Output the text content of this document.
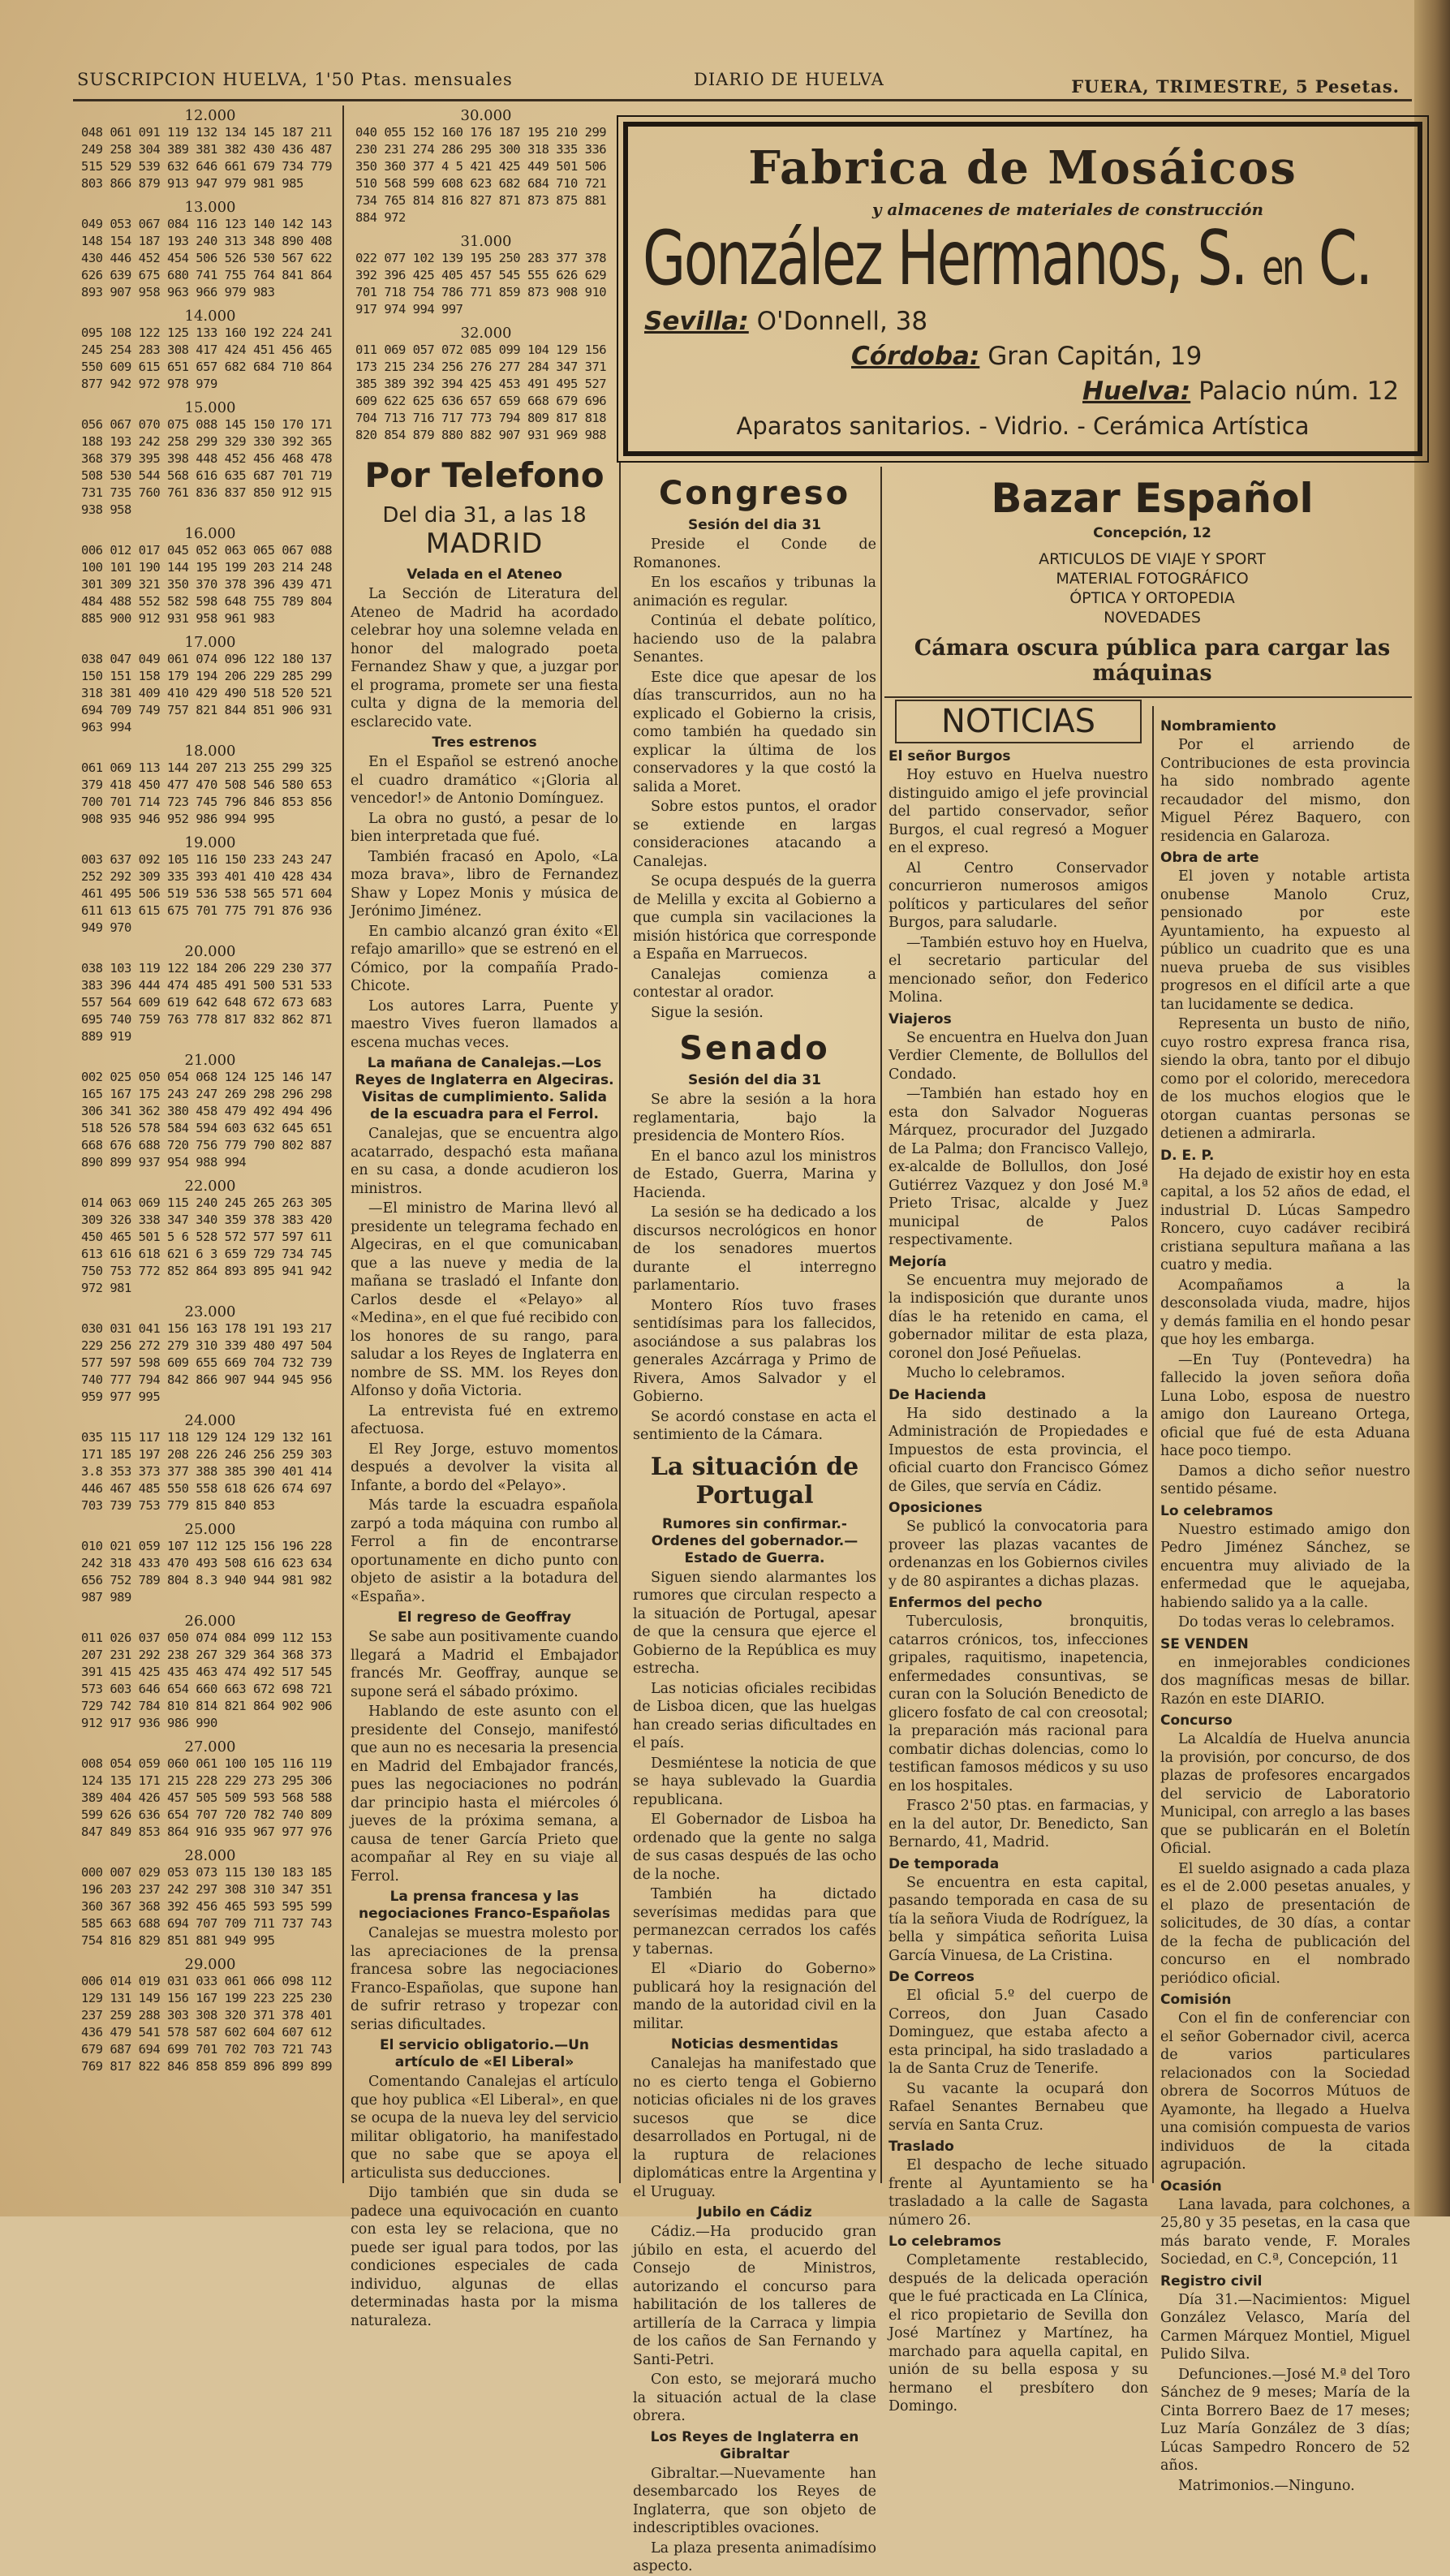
SUSCRIPCION HUELVA, 1'50 Ptas. mensuales	DIARIO DE HUELVA	FUERA, TRIMESTRE, 5 Pesetas.
12.000
048 061 091 119 132 134 145 187 211
249 258 304 389 381 382 430 436 487
515 529 539 632 646 661 679 734 779
803 866 879 913 947 979 981 985
13.000
049 053 067 084 116 123 140 142 143
148 154 187 193 240 313 348 890 408
430 446 452 454 506 526 530 567 622
626 639 675 680 741 755 764 841 864
893 907 958 963 966 979 983
14.000
095 108 122 125 133 160 192 224 241
245 254 283 308 417 424 451 456 465
550 609 615 651 657 682 684 710 864
877 942 972 978 979
15.000
056 067 070 075 088 145 150 170 171
188 193 242 258 299 329 330 392 365
368 379 395 398 448 452 456 468 478
508 530 544 568 616 635 687 701 719
731 735 760 761 836 837 850 912 915
938 958
16.000
006 012 017 045 052 063 065 067 088
100 101 190 144 195 199 203 214 248
301 309 321 350 370 378 396 439 471
484 488 552 582 598 648 755 789 804
885 900 912 931 958 961 983
17.000
038 047 049 061 074 096 122 180 137
150 151 158 179 194 206 229 285 299
318 381 409 410 429 490 518 520 521
694 709 749 757 821 844 851 906 931
963 994
18.000
061 069 113 144 207 213 255 299 325
379 418 450 477 470 508 546 580 653
700 701 714 723 745 796 846 853 856
908 935 946 952 986 994 995
19.000
003 637 092 105 116 150 233 243 247
252 292 309 335 393 401 410 428 434
461 495 506 519 536 538 565 571 604
611 613 615 675 701 775 791 876 936
949 970
20.000
038 103 119 122 184 206 229 230 377
383 396 444 474 485 491 500 531 533
557 564 609 619 642 648 672 673 683
695 740 759 763 778 817 832 862 871
889 919
21.000
002 025 050 054 068 124 125 146 147
165 167 175 243 247 269 298 296 298
306 341 362 380 458 479 492 494 496
518 526 578 584 594 603 632 645 651
668 676 688 720 756 779 790 802 887
890 899 937 954 988 994
22.000
014 063 069 115 240 245 265 263 305
309 326 338 347 340 359 378 383 420
450 465 501 5 6 528 572 577 597 611
613 616 618 621 6 3 659 729 734 745
750 753 772 852 864 893 895 941 942
972 981
23.000
030 031 041 156 163 178 191 193 217
229 256 272 279 310 339 480 497 504
577 597 598 609 655 669 704 732 739
740 777 794 842 866 907 944 945 956
959 977 995
24.000
035 115 117 118 129 124 129 132 161
171 185 197 208 226 246 256 259 303
3.8 353 373 377 388 385 390 401 414
446 467 485 550 558 618 626 674 697
703 739 753 779 815 840 853
25.000
010 021 059 107 112 125 156 196 228
242 318 433 470 493 508 616 623 634
656 752 789 804 8.3 940 944 981 982
987 989
26.000
011 026 037 050 074 084 099 112 153
207 231 292 238 267 329 364 368 373
391 415 425 435 463 474 492 517 545
573 603 646 654 660 663 672 698 721
729 742 784 810 814 821 864 902 906
912 917 936 986 990
27.000
008 054 059 060 061 100 105 116 119
124 135 171 215 228 229 273 295 306
389 404 426 457 505 509 593 568 588
599 626 636 654 707 720 782 740 809
847 849 853 864 916 935 967 977 976
28.000
000 007 029 053 073 115 130 183 185
196 203 237 242 297 308 310 347 351
360 367 368 392 456 465 593 595 599
585 663 688 694 707 709 711 737 743
754 816 829 851 881 949 995
29.000
006 014 019 031 033 061 066 098 112
129 131 149 156 167 199 223 225 230
237 259 288 303 308 320 371 378 401
436 479 541 578 587 602 604 607 612
679 687 694 699 701 702 703 721 743
769 817 822 846 858 859 896 899 899
30.000
040 055 152 160 176 187 195 210 299
230 231 274 286 295 300 318 335 336
350 360 377 4 5 421 425 449 501 506
510 568 599 608 623 682 684 710 721
734 765 814 816 827 871 873 875 881
884 972
31.000
022 077 102 139 195 250 283 377 378
392 396 425 405 457 545 555 626 629
701 718 754 786 771 859 873 908 910
917 974 994 997
32.000
011 069 057 072 085 099 104 129 156
173 215 234 256 276 277 284 347 371
385 389 392 394 425 453 491 495 527
609 622 625 636 657 659 668 679 696
704 713 716 717 773 794 809 817 818
820 854 879 880 882 907 931 969 988
Por Telefono
Del dia 31, a las 18
MADRID
Velada en el Ateneo
La Sección de Literatura del Ateneo de Madrid ha acordado celebrar hoy una solemne velada en honor del malogrado poeta Fernandez Shaw y que, a juzgar por el programa, promete ser una fiesta culta y digna de la memoria del esclarecido vate.
Tres estrenos
En el Español se estrenó anoche el cuadro dramático «¡Gloria al vencedor!» de Antonio Domínguez.
La obra no gustó, a pesar de lo bien interpretada que fué.
También fracasó en Apolo, «La moza brava», libro de Fernandez Shaw y Lopez Monis y música de Jerónimo Jiménez.
En cambio alcanzó gran éxito «El refajo amarillo» que se estrenó en el Cómico, por la compañía Prado-Chicote.
Los autores Larra, Puente y maestro Vives fueron llamados a escena muchas veces.
La mañana de Canalejas.—Los Reyes de Inglaterra en Algeciras. Visitas de cumplimiento. Salida de la escuadra para el Ferrol.
Canalejas, que se encuentra algo acatarrado, despachó esta mañana en su casa, a donde acudieron los ministros.
—El ministro de Marina llevó al presidente un telegrama fechado en Algeciras, en el que comunicaban que a las nueve y media de la mañana se trasladó el Infante don Carlos desde el «Pelayo» al «Medina», en el que fué recibido con los honores de su rango, para saludar a los Reyes de Inglaterra en nombre de SS. MM. los Reyes don Alfonso y doña Victoria.
La entrevista fué en extremo afectuosa.
El Rey Jorge, estuvo momentos después a devolver la visita al Infante, a bordo del «Pelayo».
Más tarde la escuadra española zarpó a toda máquina con rumbo al Ferrol a fin de encontrarse oportunamente en dicho punto con objeto de asistir a la botadura del «España».
El regreso de Geoffray
Se sabe aun positivamente cuando llegará a Madrid el Embajador francés Mr. Geoffray, aunque se supone será el sábado próximo.
Hablando de este asunto con el presidente del Consejo, manifestó que aun no es necesaria la presencia en Madrid del Embajador francés, pues las negociaciones no podrán dar principio hasta el miércoles ó jueves de la próxima semana, a causa de tener García Prieto que acompañar al Rey en su viaje al Ferrol.
La prensa francesa y las negociaciones Franco-Españolas
Canalejas se muestra molesto por las apreciaciones de la prensa francesa sobre las negociaciones Franco-Españolas, que supone han de sufrir retraso y tropezar con serias dificultades.
El servicio obligatorio.—Un artículo de «El Liberal»
Comentando Canalejas el artículo que hoy publica «El Liberal», en que se ocupa de la nueva ley del servicio militar obligatorio, ha manifestado que no sabe que se apoya el articulista sus deducciones.
Dijo también que sin duda se padece una equivocación en cuanto con esta ley se relaciona, que no puede ser igual para todos, por las condiciones especiales de cada individuo, algunas de ellas determinadas hasta por la misma naturaleza.
Fabrica de Mosáicos
y almacenes de materiales de construcción
González Hermanos, S. en C.
Sevilla: O'Donnell, 38
Córdoba: Gran Capitán, 19
Huelva: Palacio núm. 12
Aparatos sanitarios. - Vidrio. - Cerámica Artística
Congreso
Sesión del dia 31
Preside el Conde de Romanones.
En los escaños y tribunas la animación es regular.
Continúa el debate político, haciendo uso de la palabra Senantes.
Este dice que apesar de los días transcurridos, aun no ha explicado el Gobierno la crisis, como también ha quedado sin explicar la última de los conservadores y la que costó la salida a Moret.
Sobre estos puntos, el orador se extiende en largas consideraciones atacando a Canalejas.
Se ocupa después de la guerra de Melilla y excita al Gobierno a que cumpla sin vacilaciones la misión histórica que corresponde a España en Marruecos.
Canalejas comienza a contestar al orador.
Sigue la sesión.
Senado
Sesión del dia 31
Se abre la sesión a la hora reglamentaria, bajo la presidencia de Montero Ríos.
En el banco azul los ministros de Estado, Guerra, Marina y Hacienda.
La sesión se ha dedicado a los discursos necrológicos en honor de los senadores muertos durante el interregno parlamentario.
Montero Ríos tuvo frases sentidísimas para los fallecidos, asociándose a sus palabras los generales Azcárraga y Primo de Rivera, Amos Salvador y el Gobierno.
Se acordó constase en acta el sentimiento de la Cámara.
La situación de Portugal
Rumores sin confirmar.-Ordenes del gobernador.— Estado de Guerra.
Siguen siendo alarmantes los rumores que circulan respecto a la situación de Portugal, apesar de que la censura que ejerce el Gobierno de la República es muy estrecha.
Las noticias oficiales recibidas de Lisboa dicen, que las huelgas han creado serias dificultades en el país.
Desmiéntese la noticia de que se haya sublevado la Guardia republicana.
El Gobernador de Lisboa ha ordenado que la gente no salga de sus casas después de las ocho de la noche.
También ha dictado severísimas medidas para que permanezcan cerrados los cafés y tabernas.
El «Diario do Goberno» publicará hoy la resignación del mando de la autoridad civil en la militar.
Noticias desmentidas
Canalejas ha manifestado que no es cierto tenga el Gobierno noticias oficiales ni de los graves sucesos que se dice desarrollados en Portugal, ni de la ruptura de relaciones diplomáticas entre la Argentina y el Uruguay.
Jubilo en Cádiz
Cádiz.—Ha producido gran júbilo en esta, el acuerdo del Consejo de Ministros, autorizando el concurso para habilitación de los talleres de artillería de la Carraca y limpia de los caños de San Fernando y Santi-Petri.
Con esto, se mejorará mucho la situación actual de la clase obrera.
Los Reyes de Inglaterra en Gibraltar
Gibraltar.—Nuevamente han desembarcado los Reyes de Inglaterra, que son objeto de indescriptibles ovaciones.
La plaza presenta animadísimo aspecto.
Bazar Español
Concepción, 12
ARTICULOS DE VIAJE Y SPORT
MATERIAL FOTOGRÁFICO
ÓPTICA Y ORTOPEDIA
NOVEDADES
Cámara oscura pública para cargar las máquinas
NOTICIAS
El señor Burgos
Hoy estuvo en Huelva nuestro distinguido amigo el jefe provincial del partido conservador, señor Burgos, el cual regresó a Moguer en el expreso.
Al Centro Conservador concurrieron numerosos amigos políticos y particulares del señor Burgos, para saludarle.
—También estuvo hoy en Huelva, el secretario particular del mencionado señor, don Federico Molina.
Viajeros
Se encuentra en Huelva don Juan Verdier Clemente, de Bollullos del Condado.
—También han estado hoy en esta don Salvador Nogueras Márquez, procurador del Juzgado de La Palma; don Francisco Vallejo, ex-alcalde de Bollullos, don José Gutiérrez Vazquez y don José M.ª Prieto Trisac, alcalde y Juez municipal de Palos respectivamente.
Mejoría
Se encuentra muy mejorado de la indisposición que durante unos días le ha retenido en cama, el gobernador militar de esta plaza, coronel don José Peñuelas.
Mucho lo celebramos.
De Hacienda
Ha sido destinado a la Administración de Propiedades e Impuestos de esta provincia, el oficial cuarto don Francisco Gómez de Giles, que servía en Cádiz.
Oposiciones
Se publicó la convocatoria para proveer las plazas vacantes de ordenanzas en los Gobiernos civiles y de 80 aspirantes a dichas plazas.
Enfermos del pecho
Tuberculosis, bronquitis, catarros crónicos, tos, infecciones gripales, raquitismo, inapetencia, enfermedades consuntivas, se curan con la Solución Benedicto de glicero fosfato de cal con creosotal; la preparación más racional para combatir dichas dolencias, como lo testifican famosos médicos y su uso en los hospitales.
Frasco 2'50 ptas. en farmacias, y en la del autor, Dr. Benedicto, San Bernardo, 41, Madrid.
De temporada
Se encuentra en esta capital, pasando temporada en casa de su tía la señora Viuda de Rodríguez, la bella y simpática señorita Luisa García Vinuesa, de La Cristina.
De Correos
El oficial 5.º del cuerpo de Correos, don Juan Casado Dominguez, que estaba afecto a esta principal, ha sido trasladado a la de Santa Cruz de Tenerife.
Su vacante la ocupará don Rafael Senantes Bernabeu que servía en Santa Cruz.
Traslado
El despacho de leche situado frente al Ayuntamiento se ha trasladado a la calle de Sagasta número 26.
Lo celebramos
Completamente restablecido, después de la delicada operación que le fué practicada en La Clínica, el rico propietario de Sevilla don José Martínez y Martínez, ha marchado para aquella capital, en unión de su bella esposa y su hermano el presbítero don Domingo.
Nombramiento
Por el arriendo de Contribuciones de esta provincia ha sido nombrado agente recaudador del mismo, don Miguel Pérez Baquero, con residencia en Galaroza.
Obra de arte
El joven y notable artista onubense Manolo Cruz, pensionado por este Ayuntamiento, ha expuesto al público un cuadrito que es una nueva prueba de sus visibles progresos en el difícil arte a que tan lucidamente se dedica.
Representa un busto de niño, cuyo rostro expresa franca risa, siendo la obra, tanto por el dibujo como por el colorido, merecedora de los muchos elogios que le otorgan cuantas personas se detienen a admirarla.
D. E. P.
Ha dejado de existir hoy en esta capital, a los 52 años de edad, el industrial D. Lúcas Sampedro Roncero, cuyo cadáver recibirá cristiana sepultura mañana a las cuatro y media.
Acompañamos a la desconsolada viuda, madre, hijos y demás familia en el hondo pesar que hoy les embarga.
—En Tuy (Pontevedra) ha fallecido la joven señora doña Luna Lobo, esposa de nuestro amigo don Laureano Ortega, oficial que fué de esta Aduana hace poco tiempo.
Damos a dicho señor nuestro sentido pésame.
Lo celebramos
Nuestro estimado amigo don Pedro Jiménez Sánchez, se encuentra muy aliviado de la enfermedad que le aquejaba, habiendo salido ya a la calle.
Do todas veras lo celebramos.
SE VENDEN
en inmejorables condiciones dos magníficas mesas de billar. Razón en este DIARIO.
Concurso
La Alcaldía de Huelva anuncia la provisión, por concurso, de dos plazas de profesores encargados del servicio de Laboratorio Municipal, con arreglo a las bases que se publicarán en el Boletín Oficial.
El sueldo asignado a cada plaza es el de 2.000 pesetas anuales, y el plazo de presentación de solicitudes, de 30 días, a contar de la fecha de publicación del concurso en el nombrado periódico oficial.
Comisión
Con el fin de conferenciar con el señor Gobernador civil, acerca de varios particulares relacionados con la Sociedad obrera de Socorros Mútuos de Ayamonte, ha llegado a Huelva una comisión compuesta de varios individuos de la citada agrupación.
Ocasión
Lana lavada, para colchones, a 25,80 y 35 pesetas, en la casa que más barato vende, F. Morales Sociedad, en C.ª, Concepción, 11
Registro civil
Día 31.—Nacimientos: Miguel González Velasco, María del Carmen Márquez Montiel, Miguel Pulido Silva.
Defunciones.—José M.ª del Toro Sánchez de 9 meses; María de la Cinta Borrero Baez de 17 meses; Luz María González de 3 días; Lúcas Sampedro Roncero de 52 años.
Matrimonios.—Ninguno.
